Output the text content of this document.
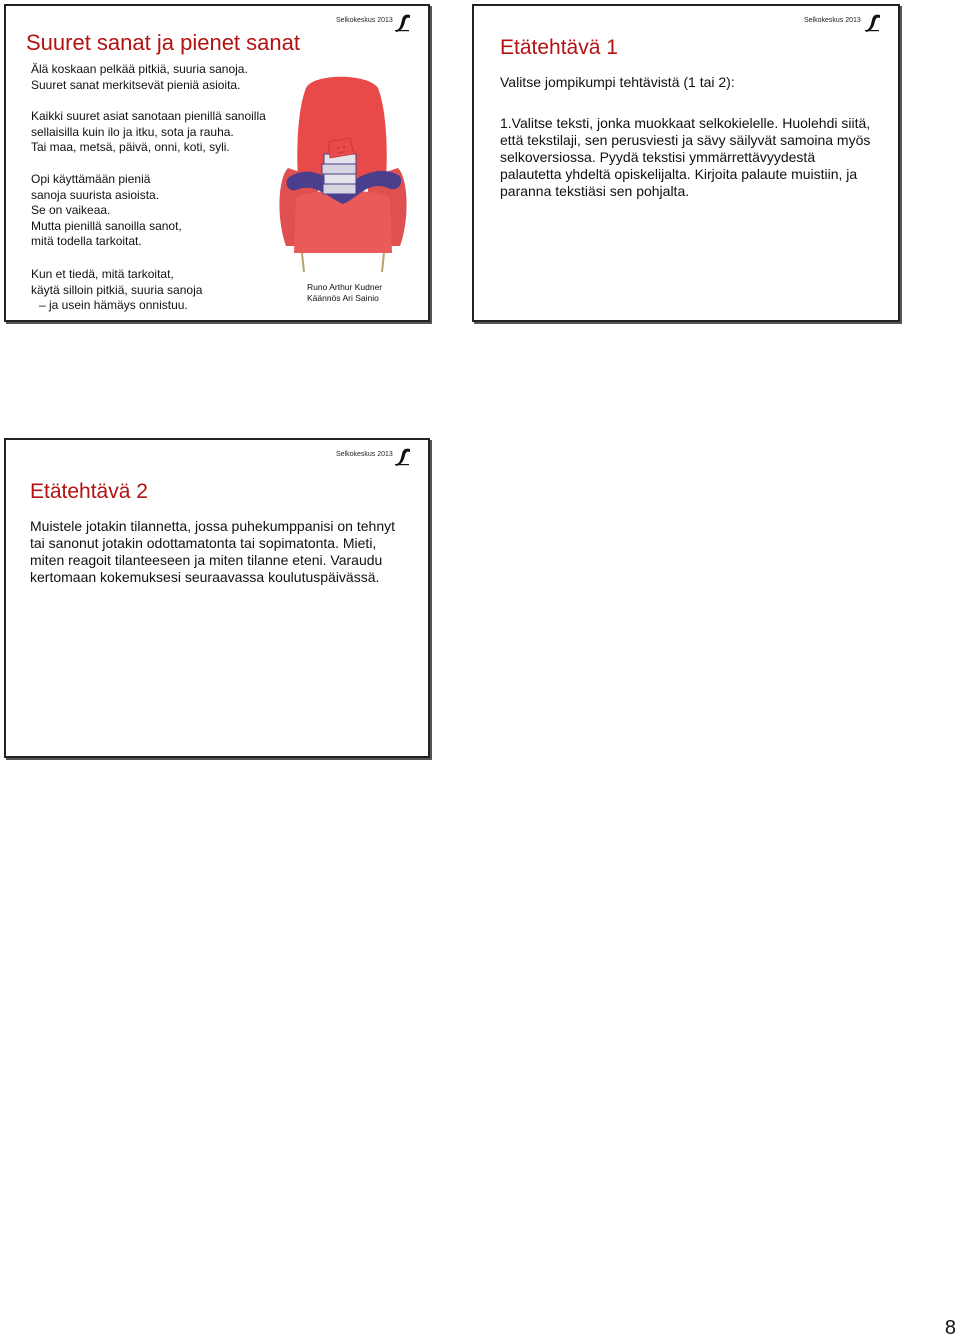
Selkokeskus 2013
Suuret sanat ja pienet sanat

Älä koskaan pelkää pitkiä, suuria sanoja.

Suuret sanat merkitsevät pieniä asioita.

Kaikki suuret asiat sanotaan pienillä sanoilla

sellaisilla kuin ilo ja itku, sota ja rauha.

Tai maa, metsä, päivä, onni, koti, syli.

Opi käyttämään pieniä

sanoja suurista asioista.

Se on vaikeaa.

Mutta pienillä sanoilla sanot,

mitä todella tarkoitat.

Kun et tiedä, mitä tarkoitat,

käytä silloin pitkiä, suuria sanoja

– ja usein hämäys onnistuu.

Runo Arthur Kudner

Käännös Ari Sainio

Selkokeskus 2013
Etätehtävä 1

Valitse jompikumpi tehtävistä (1 tai 2):

1.Valitse teksti, jonka muokkaat selkokielelle. Huolehdi siitä,

että tekstilaji, sen perusviesti ja sävy säilyvät samoina myös

selkoversiossa. Pyydä tekstisi ymmärrettävyydestä

palautetta yhdeltä opiskelijalta. Kirjoita palaute muistiin, ja

paranna tekstiäsi sen pohjalta.

Selkokeskus 2013
Etätehtävä 2

Muistele jotakin tilannetta, jossa puhekumppanisi on tehnyt

tai sanonut jotakin odottamatonta tai sopimatonta. Mieti,

miten reagoit tilanteeseen ja miten tilanne eteni. Varaudu

kertomaan kokemuksesi seuraavassa koulutuspäivässä.

8
